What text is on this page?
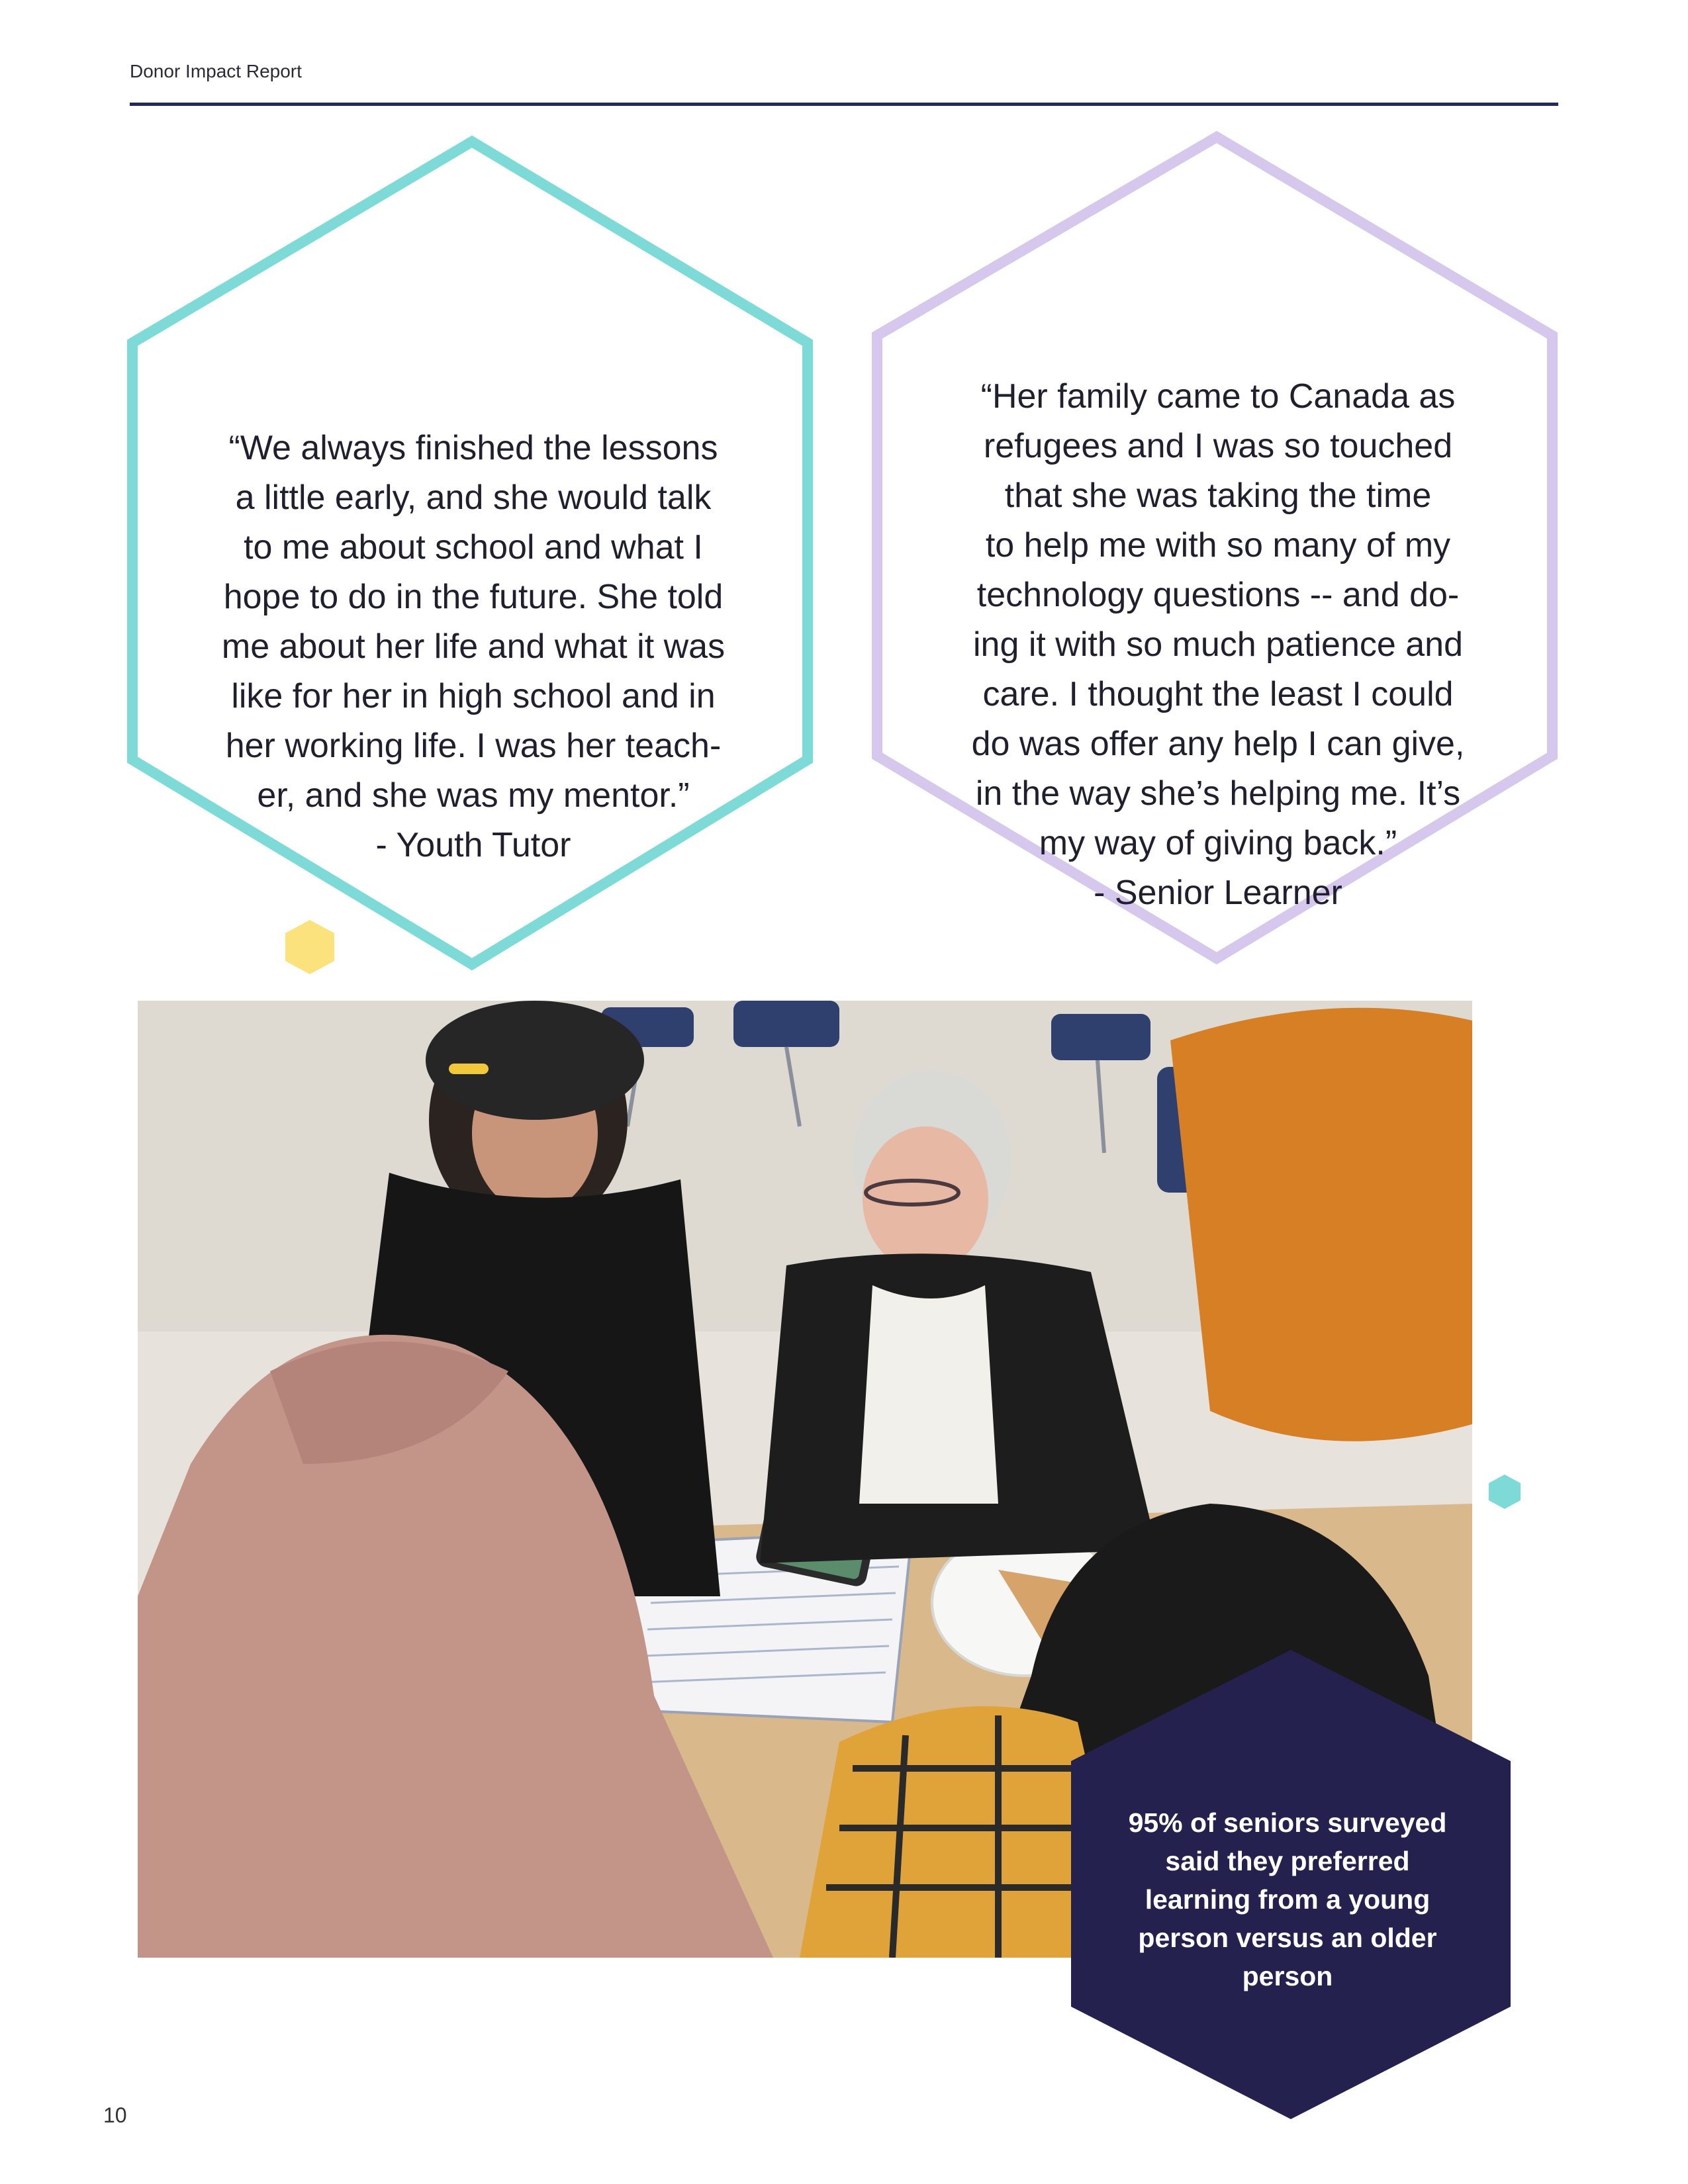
Donor Impact Report

“We always finished the lessons
a little early, and she would talk
to me about school and what I
hope to do in the future. She told
me about her life and what it was
like for her in high school and in
her working life. I was her teach-
er, and she was my mentor.”

- Youth Tutor

“Her family came to Canada as
refugees and I was so touched
that she was taking the time
to help me with so many of my
technology questions -- and do-
ing it with so much patience and
care. I thought the least I could
do was offer any help I can give,
in the way she’s helping me. It’s
my way of giving back.”

- Senior Learner

95% of seniors surveyed
said they preferred
learning from a young
person versus an older
person
10
